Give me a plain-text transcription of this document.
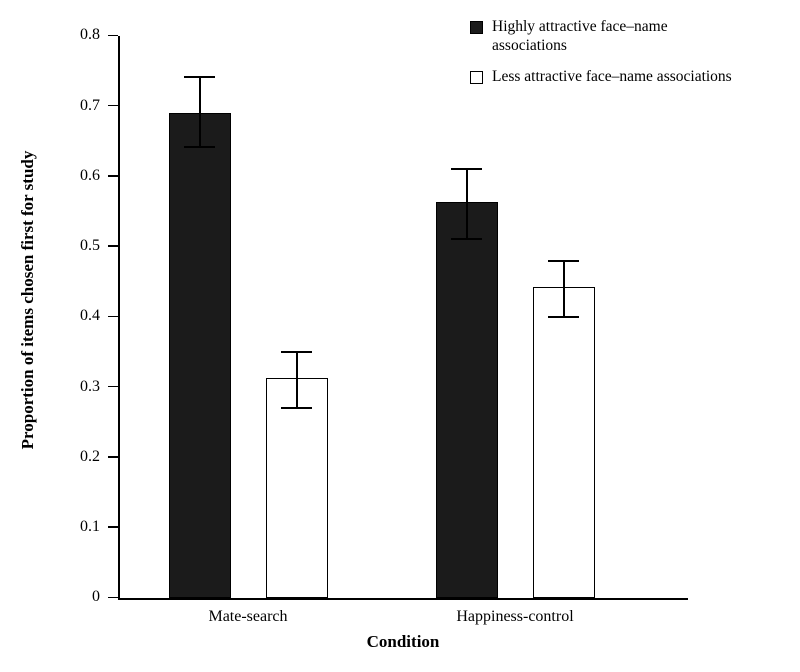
Proportion of items chosen first for study
0
0.1
0.2
0.3
0.4
0.5
0.6
0.7
0.8
Mate-search	Happiness-control
Condition
Highly attractive face–name associations
Less attractive face–name associations
